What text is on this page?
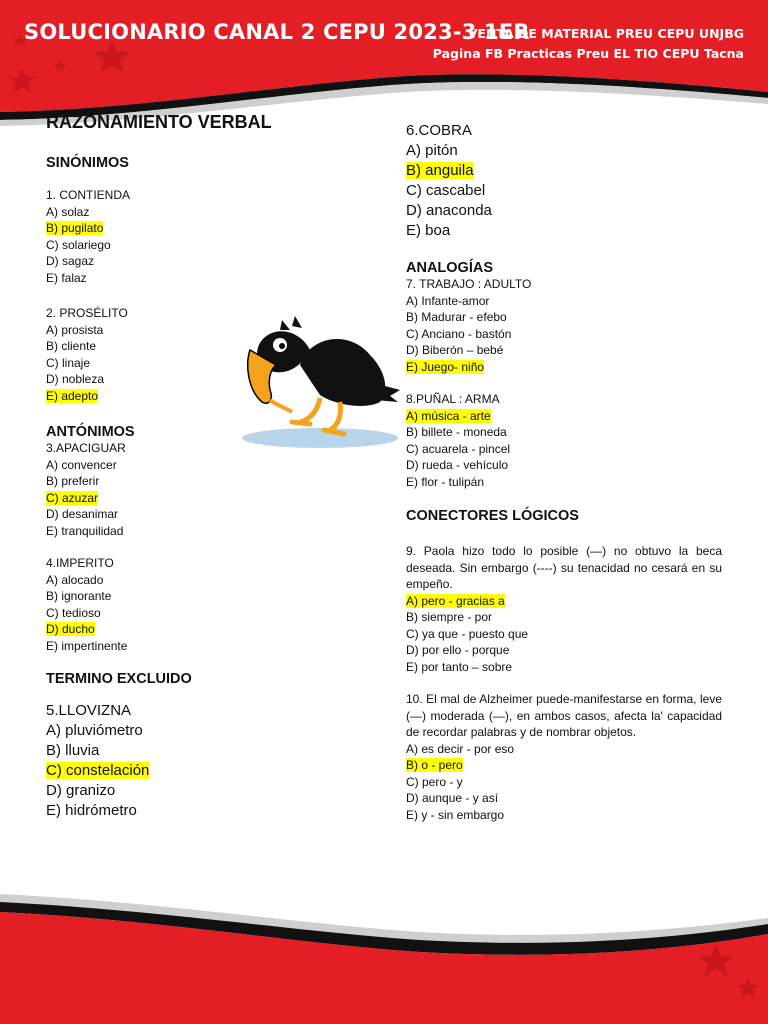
SOLUCIONARIO CANAL 2 CEPU 2023-3 1ER
VENTA DE MATERIAL PREU CEPU UNJBG
Pagina FB Practicas Preu EL TIO CEPU Tacna
RAZONAMIENTO VERBAL
SINÓNIMOS
1. CONTIENDA
A) solaz
B) pugilato
C) solariego
D) sagaz
E) falaz
2. PROSÉLITO
A) prosista
B) cliente
C) linaje
D) nobleza
E) adepto
ANTÓNIMOS
3.APACIGUAR
A) convencer
B) preferir
C) azuzar
D) desanimar
E) tranquilidad
4.IMPERITO
A) alocado
B) ignorante
C) tedioso
D) ducho
E) impertinente
TERMINO EXCLUIDO
5.LLOVIZNA
A) pluviómetro
B) lluvia
C) constelación
D) granizo
E) hidrómetro
6.COBRA
A) pitón
B) anguila
C) cascabel
D) anaconda
E) boa
ANALOGÍAS
7. TRABAJO : ADULTO
A) Infante-amor
B) Madurar - efebo
C) Anciano - bastón
D) Biberón – bebé
E) Juego- niño
8.PUÑAL : ARMA
A) música - arte
B) billete - moneda
C) acuarela - pincel
D) rueda - vehículo
E) flor - tulipán
CONECTORES LÓGICOS
9. Paola hizo todo lo posible (—) no obtuvo la beca deseada. Sin embargo (----) su tenacidad no cesará en su empeño.
A) pero - gracias a
B) siempre - por
C) ya que - puesto que
D) por ello - porque
E) por tanto – sobre
10. El mal de Alzheimer puede-manifestarse en forma, leve (—) moderada (—), en ambos casos, afecta la' capacidad de recordar palabras y de nombrar objetos.
A) es decir - por eso
B) o - pero
C) pero - y
D) aunque - y así
E) y - sin embargo
